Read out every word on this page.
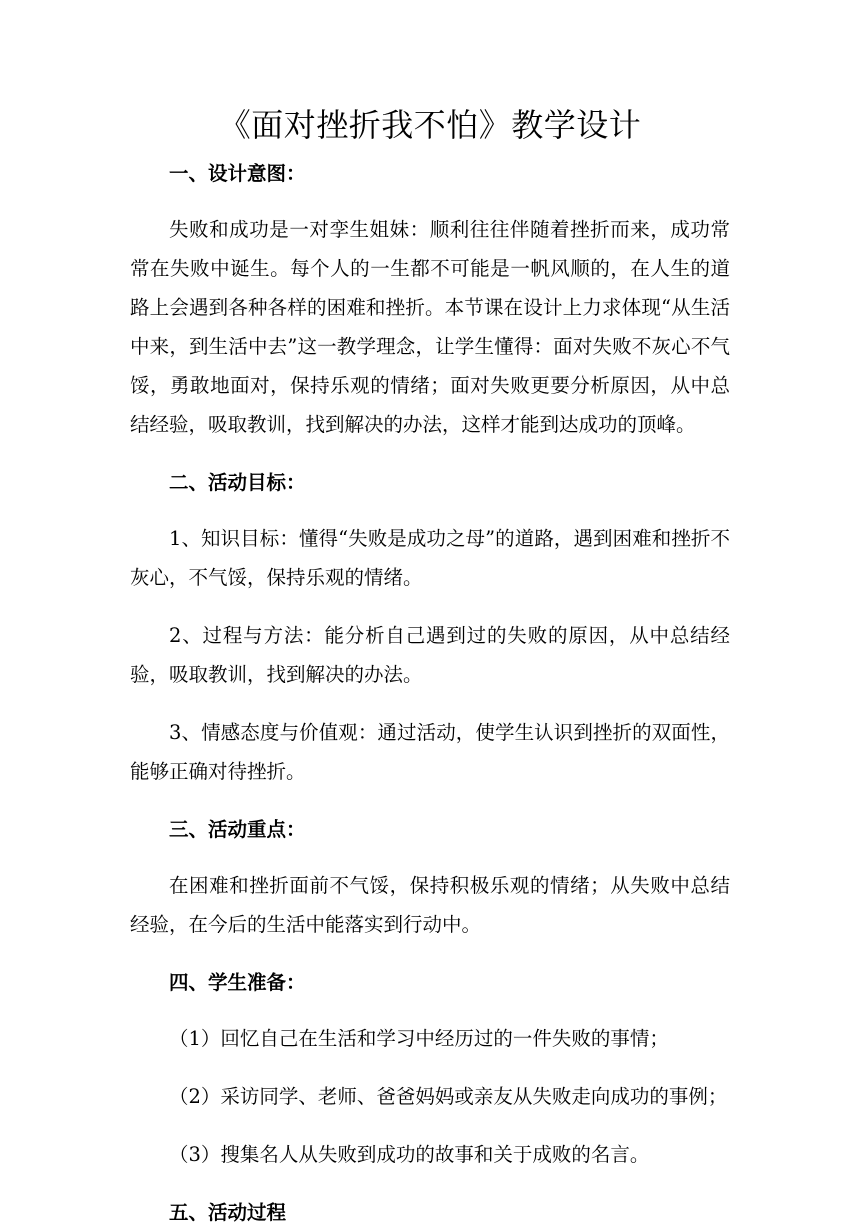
《面对挫折我不怕》教学设计

一、设计意图：

失败和成功是一对孪生姐妹：顺利往往伴随着挫折而来，成功常常在失败中诞生。每个人的一生都不可能是一帆风顺的，在人生的道路上会遇到各种各样的困难和挫折。本节课在设计上力求体现“从生活中来，到生活中去”这一教学理念，让学生懂得：面对失败不灰心不气馁，勇敢地面对，保持乐观的情绪；面对失败更要分析原因，从中总结经验，吸取教训，找到解决的办法，这样才能到达成功的顶峰。

二、活动目标：

1、知识目标：懂得“失败是成功之母”的道路，遇到困难和挫折不灰心，不气馁，保持乐观的情绪。

2、过程与方法：能分析自己遇到过的失败的原因，从中总结经验，吸取教训，找到解决的办法。

3、情感态度与价值观：通过活动，使学生认识到挫折的双面性，能够正确对待挫折。

三、活动重点：

在困难和挫折面前不气馁，保持积极乐观的情绪；从失败中总结经验，在今后的生活中能落实到行动中。

四、学生准备：

（1）回忆自己在生活和学习中经历过的一件失败的事情；

（2）采访同学、老师、爸爸妈妈或亲友从失败走向成功的事例；

（3）搜集名人从失败到成功的故事和关于成败的名言。

五、活动过程
